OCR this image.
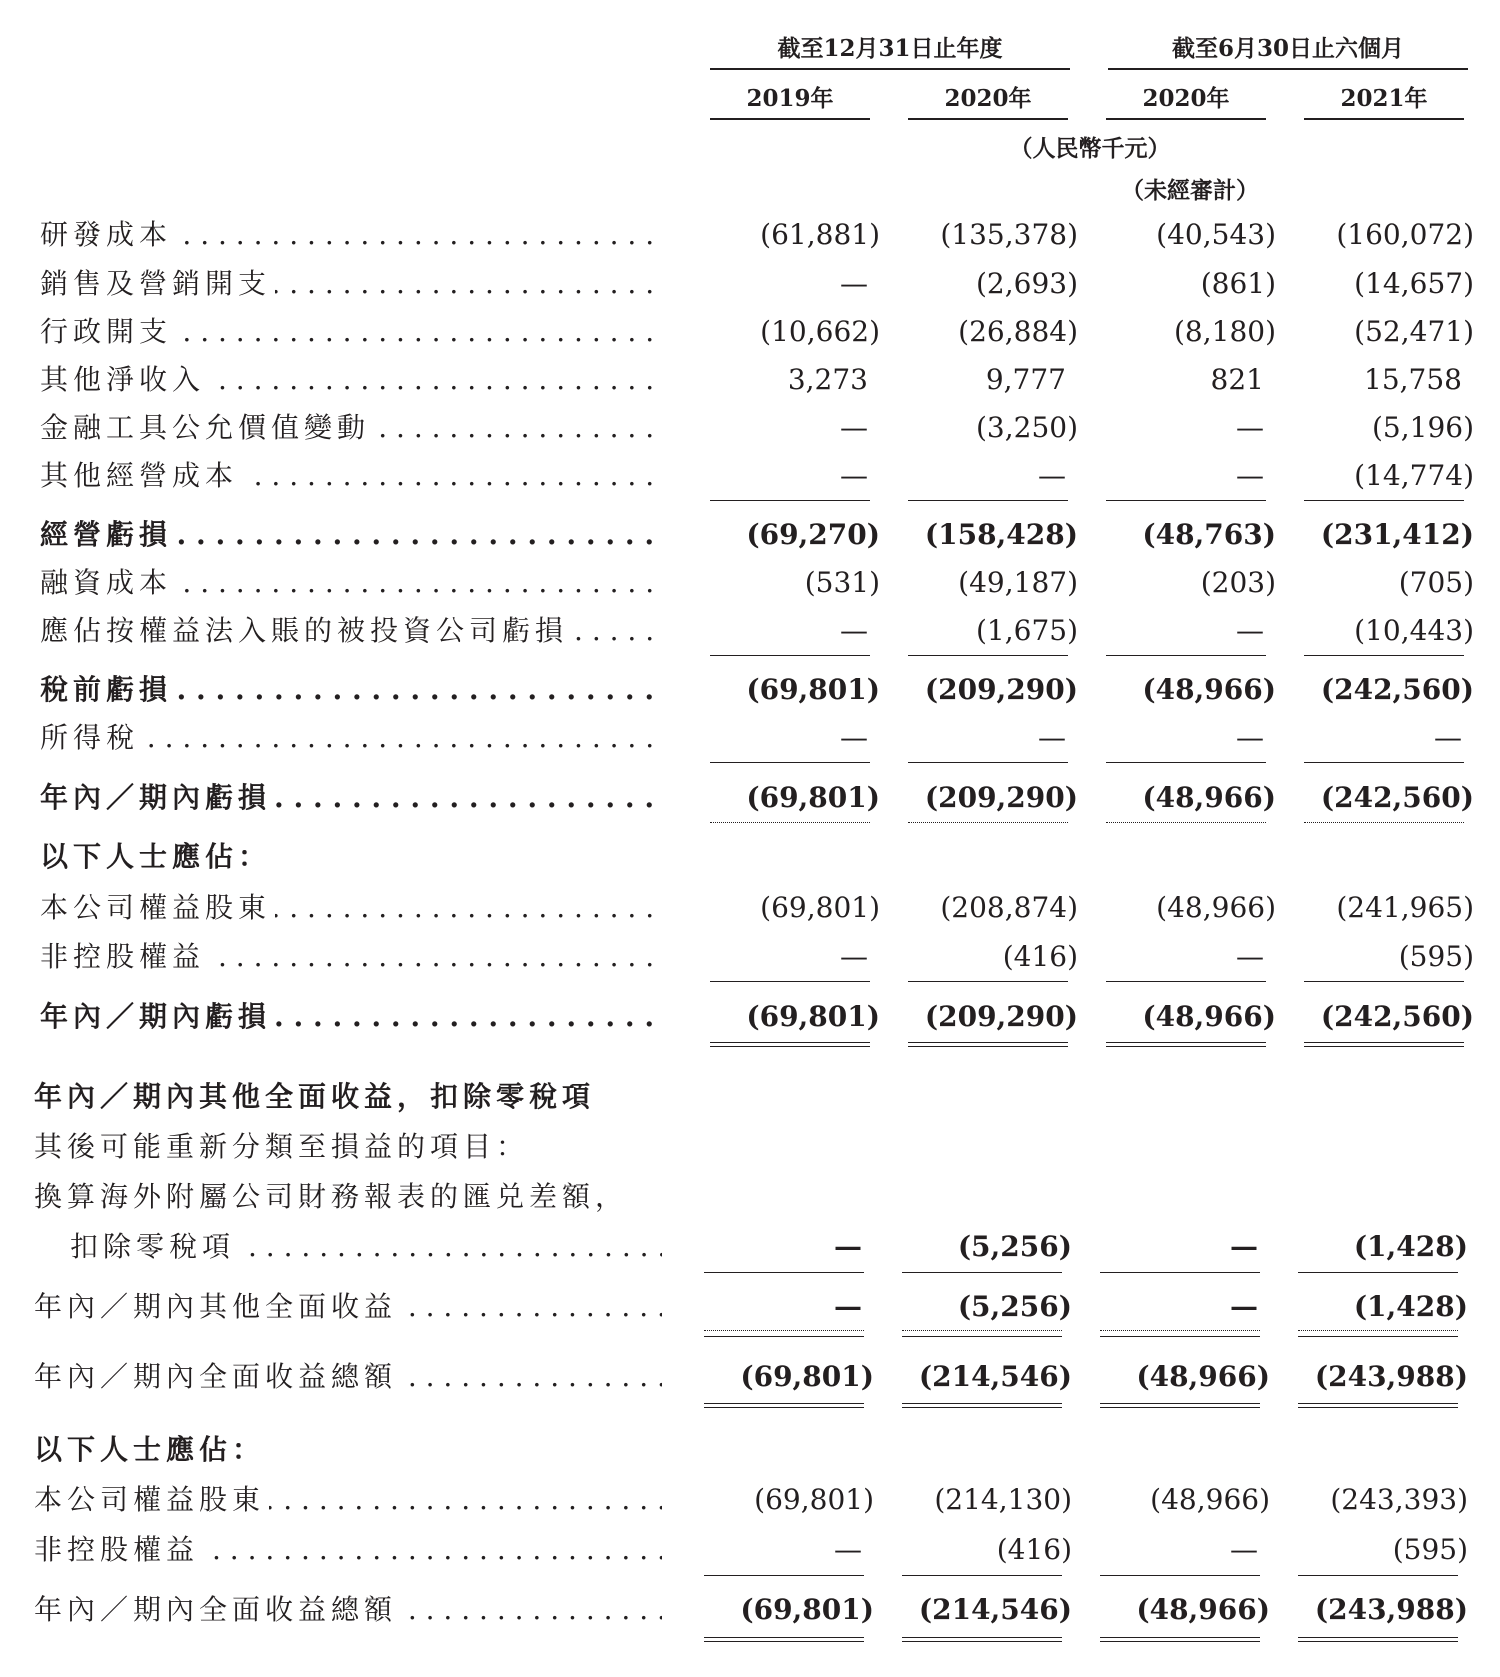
截至12月31日止年度	截至6月30日止六個月
2019年	2020年	2020年	2021年
（人民幣千元）
（未經審計）
. . . 研發成本	(61,881)	(135,378)	(40,543)	(160,072)
. . . 銷售及營銷開支	—	(2,693)	(861)	(14,657)
. . . 行政開支	(10,662)	(26,884)	(8,180)	(52,471)
. . . 其他淨收入	3,273	9,777	821	15,758
. . . 金融工具公允價值變動	—	(3,250)	—	(5,196)
. . . 其他經營成本	—	—	—	(14,774)
. . . 經營虧損	(69,270)	(158,428)	(48,763)	(231,412)
. . . 融資成本	(531)	(49,187)	(203)	(705)
. . . 應佔按權益法入賬的被投資公司虧損	—	(1,675)	—	(10,443)
. . . 稅前虧損	(69,801)	(209,290)	(48,966)	(242,560)
. . . 所得稅	—	—	—	—
. . . 年內／期內虧損	(69,801)	(209,290)	(48,966)	(242,560)
以下人士應佔：
. . . 本公司權益股東	(69,801)	(208,874)	(48,966)	(241,965)
. . . 非控股權益	—	(416)	—	(595)
. . . 年內／期內虧損	(69,801)	(209,290)	(48,966)	(242,560)
年內／期內其他全面收益，扣除零稅項
其後可能重新分類至損益的項目：
換算海外附屬公司財務報表的匯兑差額，
. . . 扣除零稅項	—	(5,256)	—	(1,428)
. . . 年內／期內其他全面收益	—	(5,256)	—	(1,428)
. . . 年內／期內全面收益總額	(69,801)	(214,546)	(48,966)	(243,988)
以下人士應佔：
. . . 本公司權益股東	(69,801)	(214,130)	(48,966)	(243,393)
. . . 非控股權益	—	(416)	—	(595)
. . . 年內／期內全面收益總額	(69,801)	(214,546)	(48,966)	(243,988)
